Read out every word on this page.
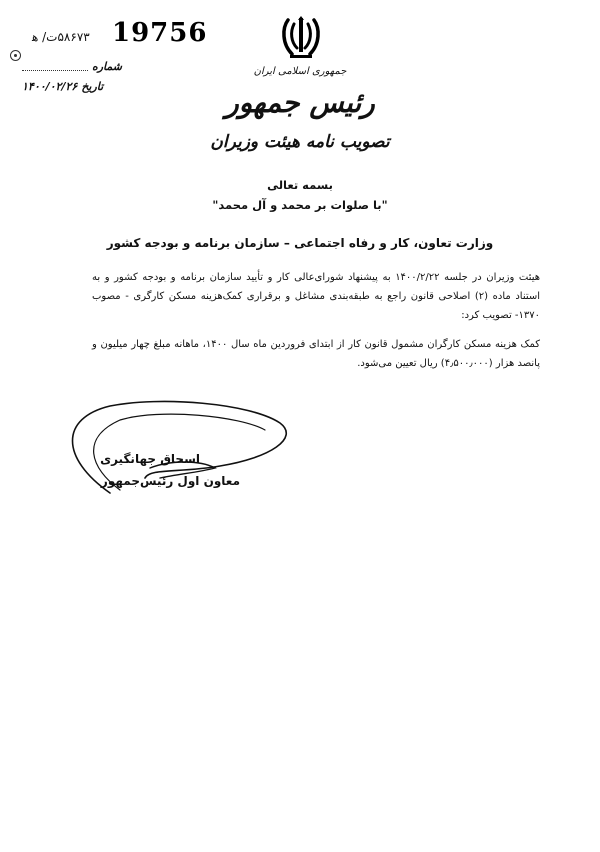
19756
۵۸۶۷۳ت/ ه‍
شماره
۱۴۰۰/۰۲/۲۶ تاریخ
جمهوری اسلامی ایران
رئیس جمهور
تصویب نامه هیئت وزیران
بسمه تعالی
"با صلوات بر محمد و آل محمد"
وزارت تعاون، کار و رفاه اجتماعی – سازمان برنامه و بودجه کشور
هیئت وزیران در جلسه ۱۴۰۰/۲/۲۲ به پیشنهاد شورای‌عالی کار و تأیید سازمان برنامه و بودجه کشور و به استناد ماده (۲) اصلاحی قانون راجع به طبقه‌بندی مشاغل و برقراری کمک‌هزینه مسکن کارگری - مصوب ۱۳۷۰- تصویب کرد:
کمک هزینه مسکن کارگران مشمول قانون کار از ابتدای فروردین ماه سال ۱۴۰۰، ماهانه مبلغ چهار میلیون و پانصد هزار (۴٫۵۰۰٫۰۰۰) ریال تعیین می‌شود.
اسحاق جهانگیری
معاون اول رئیس‌جمهور
